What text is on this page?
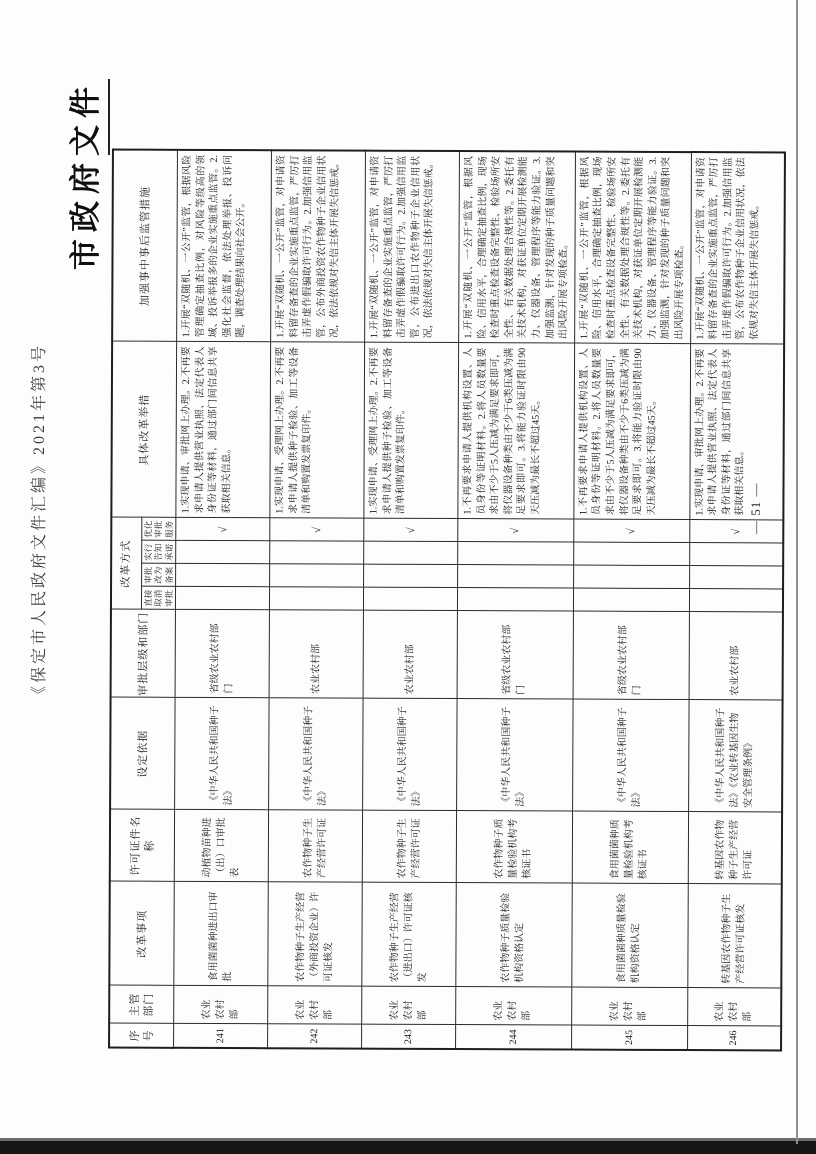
《保定市人民政府文件汇编》2021年第3号
市政府文件
— 51 —
序号	主管部门	改革事项	许可证件名称	设定依据	审批层级和部门	改革方式				具体改革举措	加强事中事后监管措施
						直接取消审批	审批改为备案	实行告知承诺	优化审批服务		
241	农业农村部	食用菌菌种进出口审批	动植物苗种进（出）口审批表	《中华人民共和国种子法》	省级农业农村部门				√	1.实现申请、审批网上办理。2.不再要求申请人提供营业执照、法定代表人身份证等材料，通过部门间信息共享获取相关信息。	1.开展“双随机、一公开”监管，根据风险管理确定抽查比例，对风险等级高的领域、投诉举报多的企业实施重点监管。2.强化社会监督，依法处理举报、投诉问题，调查处理结果向社会公开。
242	农业农村部	农作物种子生产经营（外商投资企业）许可证核发	农作物种子生产经营许可证	《中华人民共和国种子法》	农业农村部				√	1.实现申请、受理网上办理。2.不再要求申请人提供种子检验、加工等设备清单和购置发票复印件。	1.开展“双随机、一公开”监管，对申请资料留存备查的企业实施重点监管，严厉打击弄虚作假骗取许可行为。2.加强信用监管，公布外商投资农作物种子企业信用状况，依法依规对失信主体开展失信惩戒。
243	农业农村部	农作物种子生产经营（进出口）许可证核发	农作物种子生产经营许可证	《中华人民共和国种子法》	农业农村部				√	1.实现申请、受理网上办理。2.不再要求申请人提供种子检验、加工等设备清单和购置发票复印件。	1.开展“双随机、一公开”监管，对申请资料留存备查的企业实施重点监管，严厉打击弄虚作假骗取许可行为。2.加强信用监管，公布进出口农作物种子企业信用状况，依法依规对失信主体开展失信惩戒。
244	农业农村部	农作物种子质量检验机构资格认定	农作物种子质量检验机构考核证书	《中华人民共和国种子法》	省级农业农村部门				√	1.不再要求申请人提供机构设置、人员身份等证明材料。2.将人员数量要求由不少于5人压减为满足要求即可，将仪器设备种类由不少于6类压减为满足要求即可。3.将能力验证时限由90天压减为最长不超过45天。	1.开展“双随机、一公开”监管，根据风险、信用水平，合理确定抽查比例，现场检查时重点检查设备完整性、检验场所安全性、有关数据处理合规性等。2.委托有关技术机构，对获证单位定期开展检测能力、仪器设备、管理程序等能力验证。3.加强监测，针对发现的种子质量问题和突出风险开展专项检查。
245	农业农村部	食用菌菌种质量检验机构资格认定	食用菌菌种质量检验机构考核证书	《中华人民共和国种子法》	省级农业农村部门				√	1.不再要求申请人提供机构设置、人员身份等证明材料。2.将人员数量要求由不少于5人压减为满足要求即可，将仪器设备种类由不少于6类压减为满足要求即可。3.将能力验证时限由90天压减为最长不超过45天。	1.开展“双随机、一公开”监管，根据风险、信用水平，合理确定抽查比例，现场检查时重点检查设备完整性、检验场所安全性、有关数据处理合规性等。2.委托有关技术机构，对获证单位定期开展检测能力、仪器设备、管理程序等能力验证。3.加强监测，针对发现的种子质量问题和突出风险开展专项检查。
246	农业农村部	转基因农作物种子生产经营许可证核发	转基因农作物种子生产经营许可证	《中华人民共和国种子法》《农业转基因生物安全管理条例》	农业农村部				√	1.实现申请、审批网上办理。2.不再要求申请人提供营业执照、法定代表人身份证等材料，通过部门间信息共享获取相关信息。	1.开展“双随机、一公开”监管，对申请资料留存备查的企业实施重点监管，严厉打击弄虚作假骗取许可行为。2.加强信用监管，公布农作物种子企业信用状况，依法依规对失信主体开展失信惩戒。
